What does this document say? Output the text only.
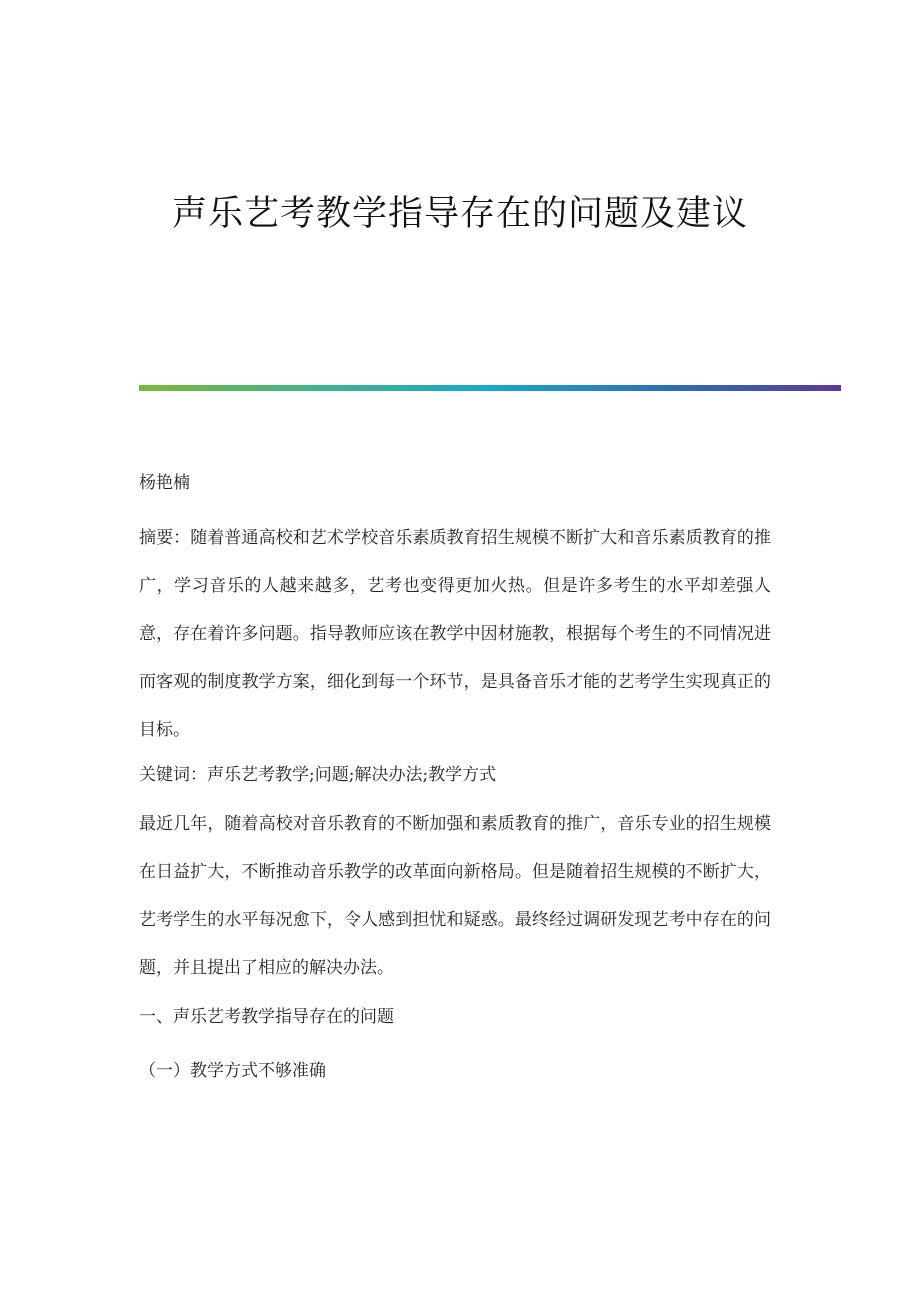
声乐艺考教学指导存在的问题及建议

杨艳楠

摘要：随着普通高校和艺术学校音乐素质教育招生规模不断扩大和音乐素质教育的推广，学习音乐的人越来越多，艺考也变得更加火热。但是许多考生的水平却差强人意，存在着许多问题。指导教师应该在教学中因材施教，根据每个考生的不同情况进而客观的制度教学方案，细化到每一个环节，是具备音乐才能的艺考学生实现真正的目标。

关键词：声乐艺考教学;问题;解决办法;教学方式

最近几年，随着高校对音乐教育的不断加强和素质教育的推广，音乐专业的招生规模在日益扩大，不断推动音乐教学的改革面向新格局。但是随着招生规模的不断扩大，艺考学生的水平每况愈下，令人感到担忧和疑惑。最终经过调研发现艺考中存在的问题，并且提出了相应的解决办法。

一、声乐艺考教学指导存在的问题

（一）教学方式不够准确
